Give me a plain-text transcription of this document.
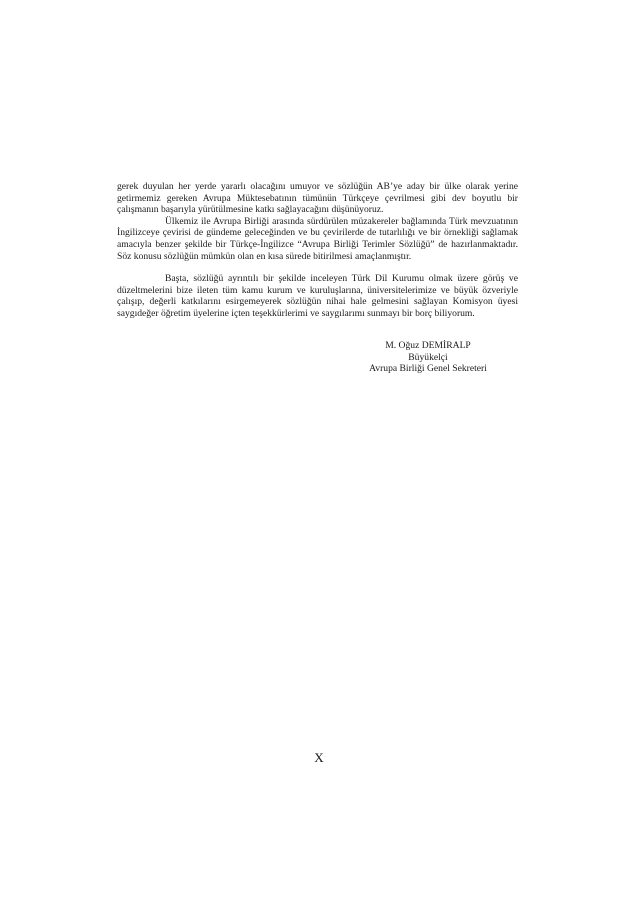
gerek duyulan her yerde yararlı olacağını umuyor ve sözlüğün AB’ye aday bir ülke olarak yerine getirmemiz gereken Avrupa Müktesebatının tümünün Türkçeye çevrilmesi gibi dev boyutlu bir çalışmanın başarıyla yürütülmesine katkı sağlayacağını düşünüyoruz.

Ülkemiz ile Avrupa Birliği arasında sürdürülen müzakereler bağlamında Türk mevzuatının İngilizceye çevirisi de gündeme geleceğinden ve bu çevirilerde de tutarlılığı ve bir örnekliği sağlamak amacıyla benzer şekilde bir Türkçe-İngilizce “Avrupa Birliği Terimler Sözlüğü” de hazırlanmaktadır. Söz konusu sözlüğün mümkün olan en kısa sürede bitirilmesi amaçlanmıştır.

Başta, sözlüğü ayrıntılı bir şekilde inceleyen Türk Dil Kurumu olmak üzere görüş ve düzeltmelerini bize ileten tüm kamu kurum ve kuruluşlarına, üniversitelerimize ve büyük özveriyle çalışıp, değerli katkılarını esirgemeyerek sözlüğün nihai hale gelmesini sağlayan Komisyon üyesi saygıdeğer öğretim üyelerine içten teşekkürlerimi ve saygılarımı sunmayı bir borç biliyorum.

M. Oğuz DEMİRALP
Büyükelçi
Avrupa Birliği Genel Sekreteri
X
